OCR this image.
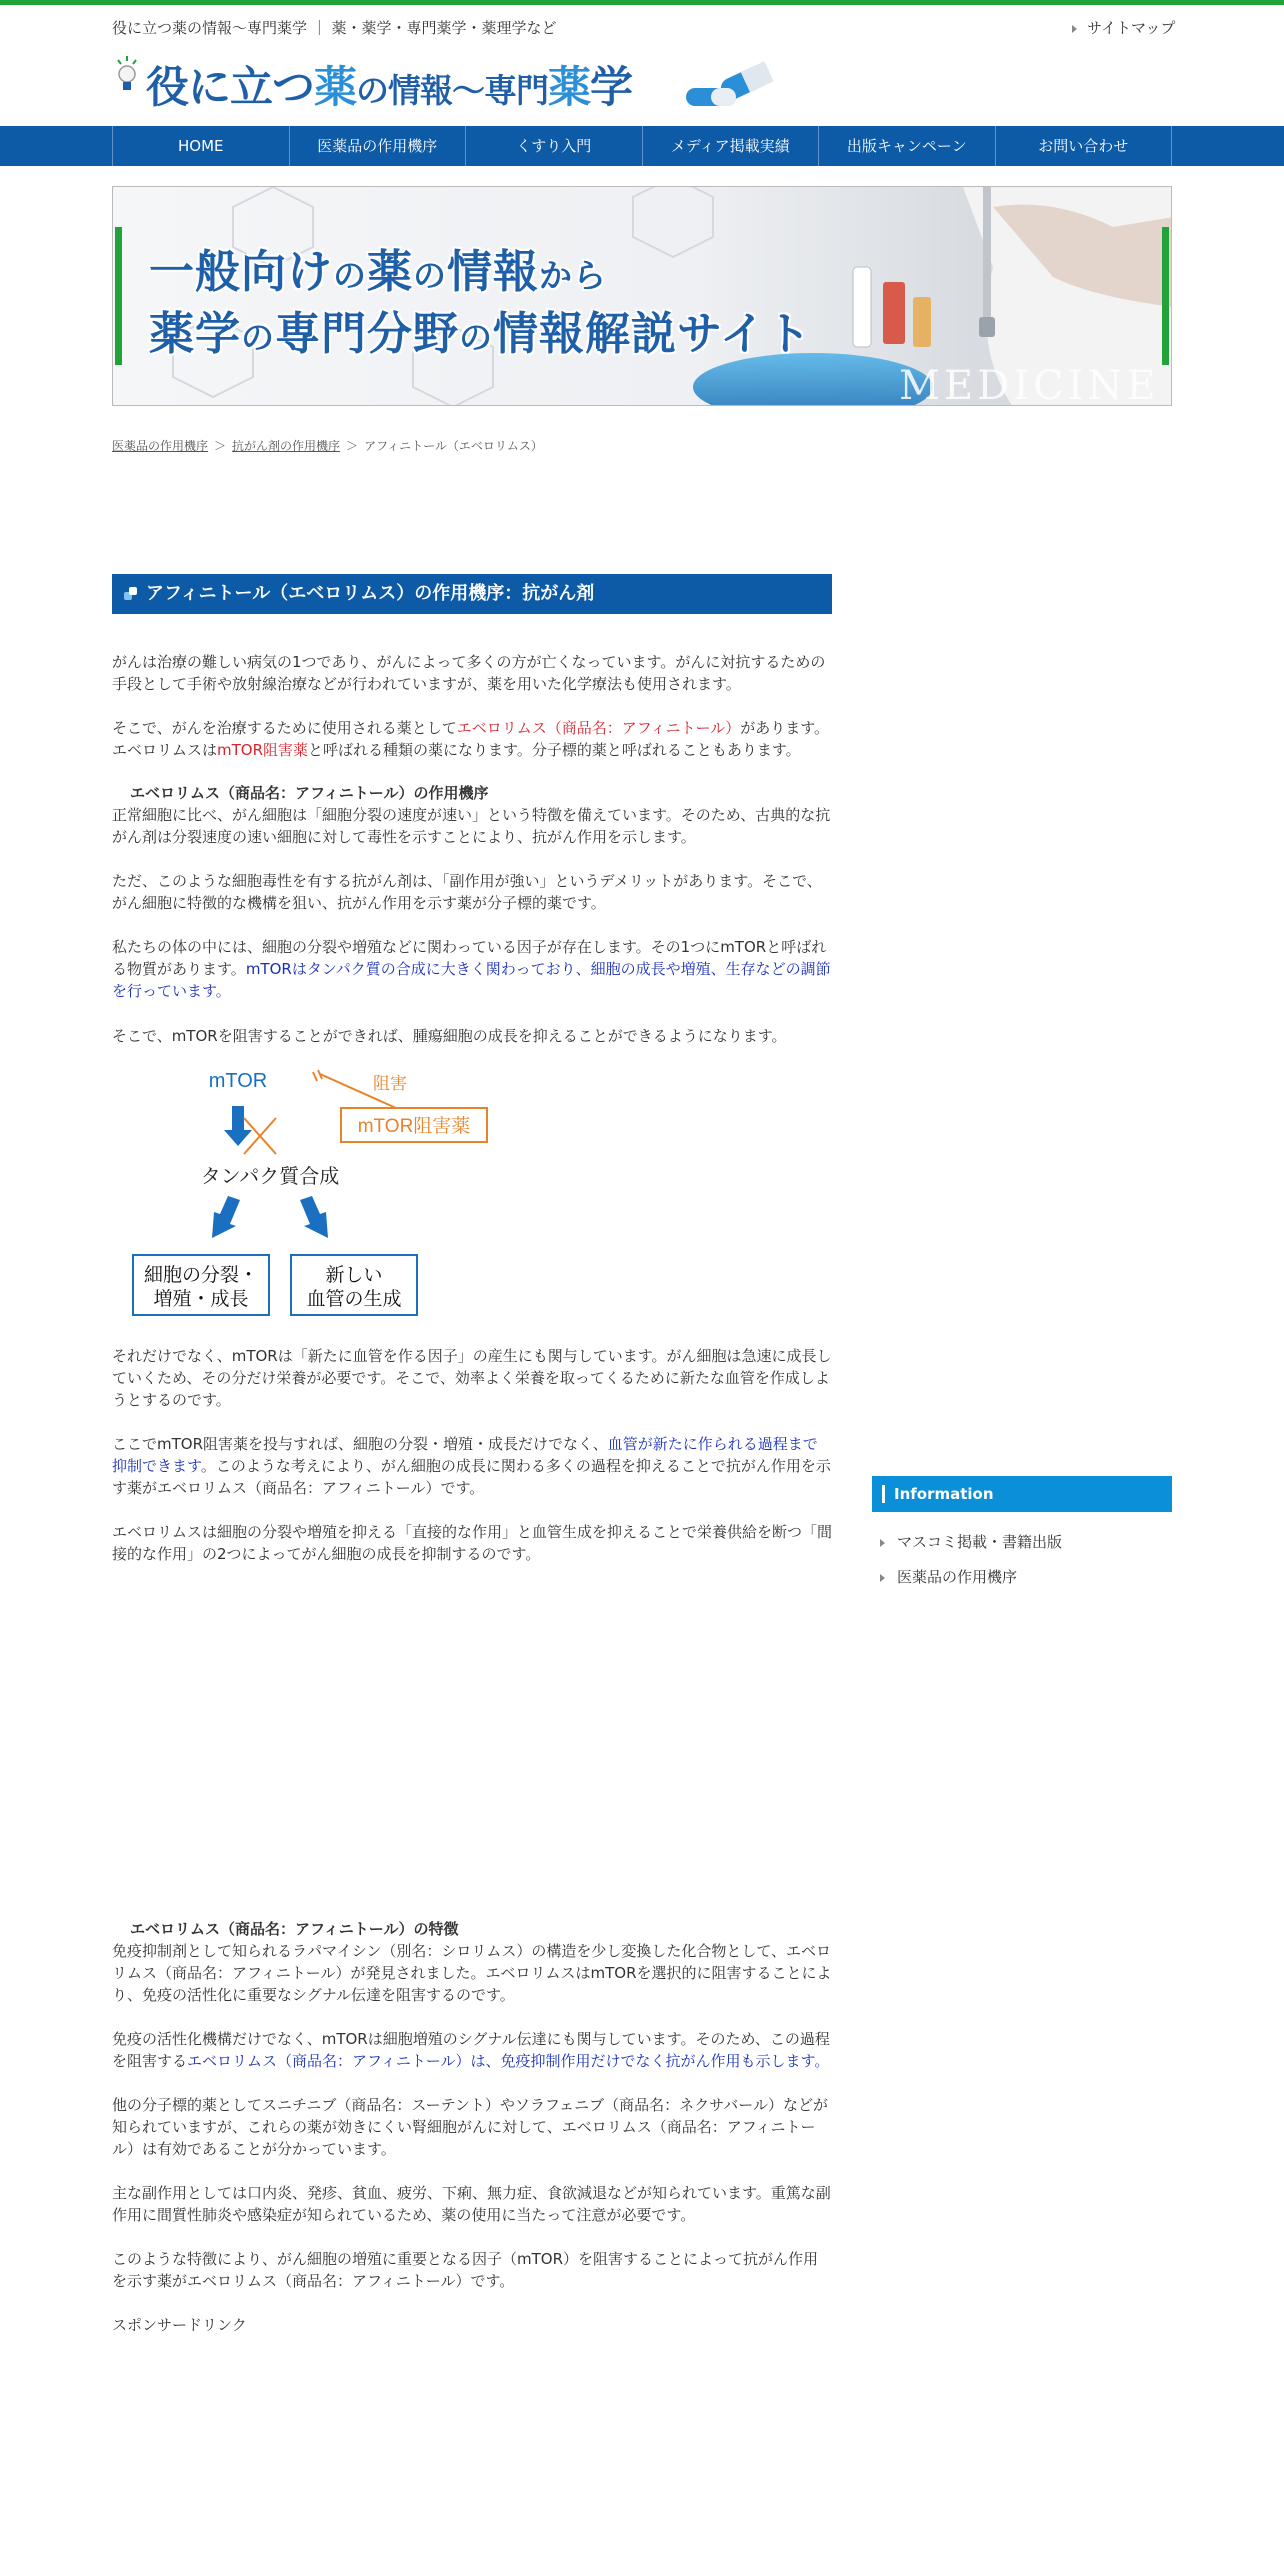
役に立つ薬の情報～専門薬学 ｜ 薬・薬学・専門薬学・薬理学など	サイトマップ
役に立つ薬の情報～専門薬学
HOME	医薬品の作用機序	くすり入門	メディア掲載実績	出版キャンペーン	お問い合わせ
一般向けの薬の情報から
薬学の専門分野の情報解説サイト
MEDICINE
医薬品の作用機序 ＞ 抗がん剤の作用機序 ＞ アフィニトール（エベロリムス）
アフィニトール（エベロリムス）の作用機序：抗がん剤

がんは治療の難しい病気の1つであり、がんによって多くの方が亡くなっています。がんに対抗するための手段として手術や放射線治療などが行われていますが、薬を用いた化学療法も使用されます。

そこで、がんを治療するために使用される薬としてエベロリムス（商品名：アフィニトール）があります。エベロリムスはmTOR阻害薬と呼ばれる種類の薬になります。分子標的薬と呼ばれることもあります。

エベロリムス（商品名：アフィニトール）の作用機序

正常細胞に比べ、がん細胞は「細胞分裂の速度が速い」という特徴を備えています。そのため、古典的な抗がん剤は分裂速度の速い細胞に対して毒性を示すことにより、抗がん作用を示します。

ただ、このような細胞毒性を有する抗がん剤は、「副作用が強い」というデメリットがあります。そこで、がん細胞に特徴的な機構を狙い、抗がん作用を示す薬が分子標的薬です。

私たちの体の中には、細胞の分裂や増殖などに関わっている因子が存在します。その1つにmTORと呼ばれる物質があります。mTORはタンパク質の合成に大きく関わっており、細胞の成長や増殖、生存などの調節を行っています。

そこで、mTORを阻害することができれば、腫瘍細胞の成長を抑えることができるようになります。

mTOR	阻害
mTOR阻害薬
タンパク質合成
細胞の分裂・
増殖・成長
新しい
血管の生成

それだけでなく、mTORは「新たに血管を作る因子」の産生にも関与しています。がん細胞は急速に成長していくため、その分だけ栄養が必要です。そこで、効率よく栄養を取ってくるために新たな血管を作成しようとするのです。

ここでmTOR阻害薬を投与すれば、細胞の分裂・増殖・成長だけでなく、血管が新たに作られる過程まで抑制できます。このような考えにより、がん細胞の成長に関わる多くの過程を抑えることで抗がん作用を示す薬がエベロリムス（商品名：アフィニトール）です。

エベロリムスは細胞の分裂や増殖を抑える「直接的な作用」と血管生成を抑えることで栄養供給を断つ「間接的な作用」の2つによってがん細胞の成長を抑制するのです。

エベロリムス（商品名：アフィニトール）の特徴

免疫抑制剤として知られるラパマイシン（別名：シロリムス）の構造を少し変換した化合物として、エベロリムス（商品名：アフィニトール）が発見されました。エベロリムスはmTORを選択的に阻害することにより、免疫の活性化に重要なシグナル伝達を阻害するのです。

免疫の活性化機構だけでなく、mTORは細胞増殖のシグナル伝達にも関与しています。そのため、この過程を阻害するエベロリムス（商品名：アフィニトール）は、免疫抑制作用だけでなく抗がん作用も示します。

他の分子標的薬としてスニチニブ（商品名：スーテント）やソラフェニブ（商品名：ネクサバール）などが知られていますが、これらの薬が効きにくい腎細胞がんに対して、エベロリムス（商品名：アフィニトール）は有効であることが分かっています。

主な副作用としては口内炎、発疹、貧血、疲労、下痢、無力症、食欲減退などが知られています。重篤な副作用に間質性肺炎や感染症が知られているため、薬の使用に当たって注意が必要です。

このような特徴により、がん細胞の増殖に重要となる因子（mTOR）を阻害することによって抗がん作用を示す薬がエベロリムス（商品名：アフィニトール）です。

スポンサードリンク

Information
マスコミ掲載・書籍出版
医薬品の作用機序
